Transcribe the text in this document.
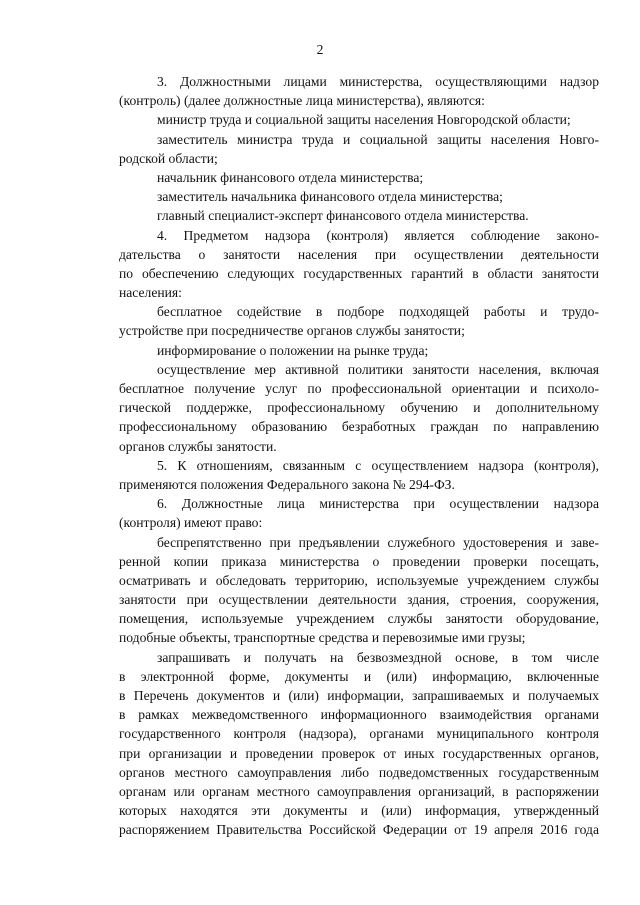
2
3. Должностными лицами министерства, осуществляющими надзор
(контроль) (далее должностные лица министерства), являются:
министр труда и социальной защиты населения Новгородской области;
заместитель министра труда и социальной защиты населения Новго-
родской области;
начальник финансового отдела министерства;
заместитель начальника финансового отдела министерства;
главный специалист-эксперт финансового отдела министерства.
4. Предметом надзора (контроля) является соблюдение законо-
дательства о занятости населения при осуществлении деятельности
по обеспечению следующих государственных гарантий в области занятости
населения:
бесплатное содействие в подборе подходящей работы и трудо-
устройстве при посредничестве органов службы занятости;
информирование о положении на рынке труда;
осуществление мер активной политики занятости населения, включая
бесплатное получение услуг по профессиональной ориентации и психоло-
гической поддержке, профессиональному обучению и дополнительному
профессиональному образованию безработных граждан по направлению
органов службы занятости.
5. К отношениям, связанным с осуществлением надзора (контроля),
применяются положения Федерального закона № 294-ФЗ.
6. Должностные лица министерства при осуществлении надзора
(контроля) имеют право:
беспрепятственно при предъявлении служебного удостоверения и заве-
ренной копии приказа министерства о проведении проверки посещать,
осматривать и обследовать территорию, используемые учреждением службы
занятости при осуществлении деятельности здания, строения, сооружения,
помещения, используемые учреждением службы занятости оборудование,
подобные объекты, транспортные средства и перевозимые ими грузы;
запрашивать и получать на безвозмездной основе, в том числе
в электронной форме, документы и (или) информацию, включенные
в Перечень документов и (или) информации, запрашиваемых и получаемых
в рамках межведомственного информационного взаимодействия органами
государственного контроля (надзора), органами муниципального контроля
при организации и проведении проверок от иных государственных органов,
органов местного самоуправления либо подведомственных государственным
органам или органам местного самоуправления организаций, в распоряжении
которых находятся эти документы и (или) информация, утвержденный
распоряжением Правительства Российской Федерации от 19 апреля 2016 года
